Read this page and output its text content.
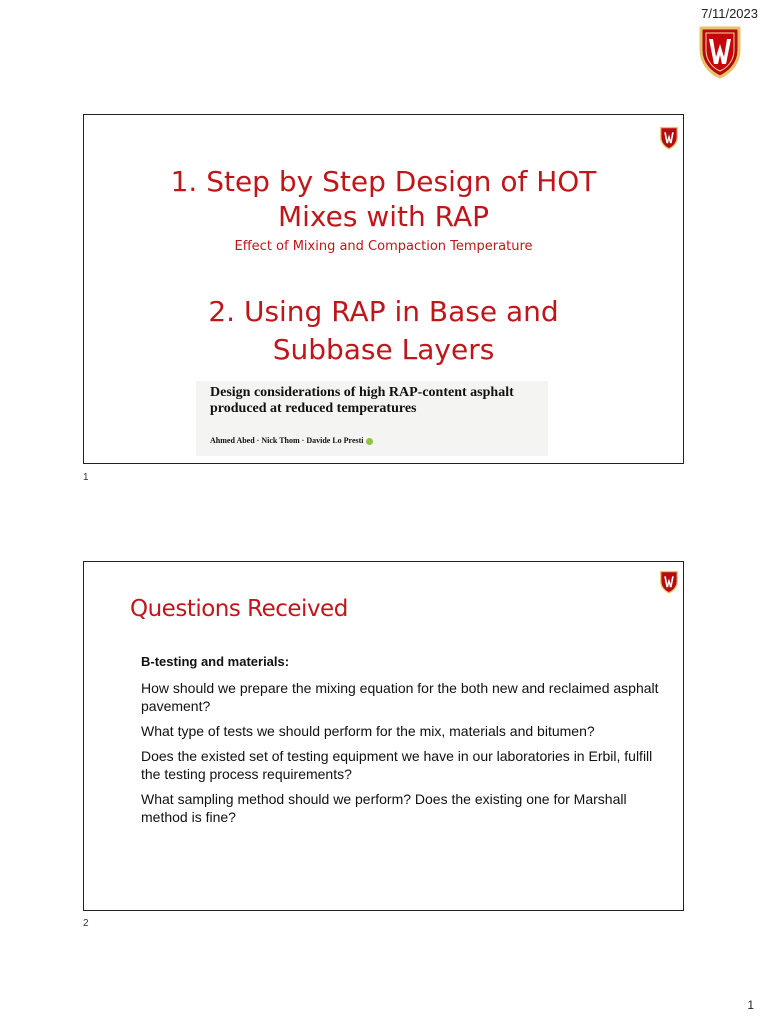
7/11/2023
1. Step by Step Design of HOT
Mixes with RAP
Effect of Mixing and Compaction Temperature
2. Using RAP in Base and
Subbase Layers
Design considerations of high RAP-content asphalt
produced at reduced temperatures
Ahmed Abed · Nick Thom · Davide Lo Presti
1
Questions Received
B-testing and materials:
How should we prepare the mixing equation for the both new and reclaimed asphalt pavement?
What type of tests we should perform for the mix, materials and bitumen?
Does the existed set of testing equipment we have in our laboratories in Erbil, fulfill the testing process requirements?
What sampling method should we perform? Does the existing one for Marshall method is fine?
2
1
